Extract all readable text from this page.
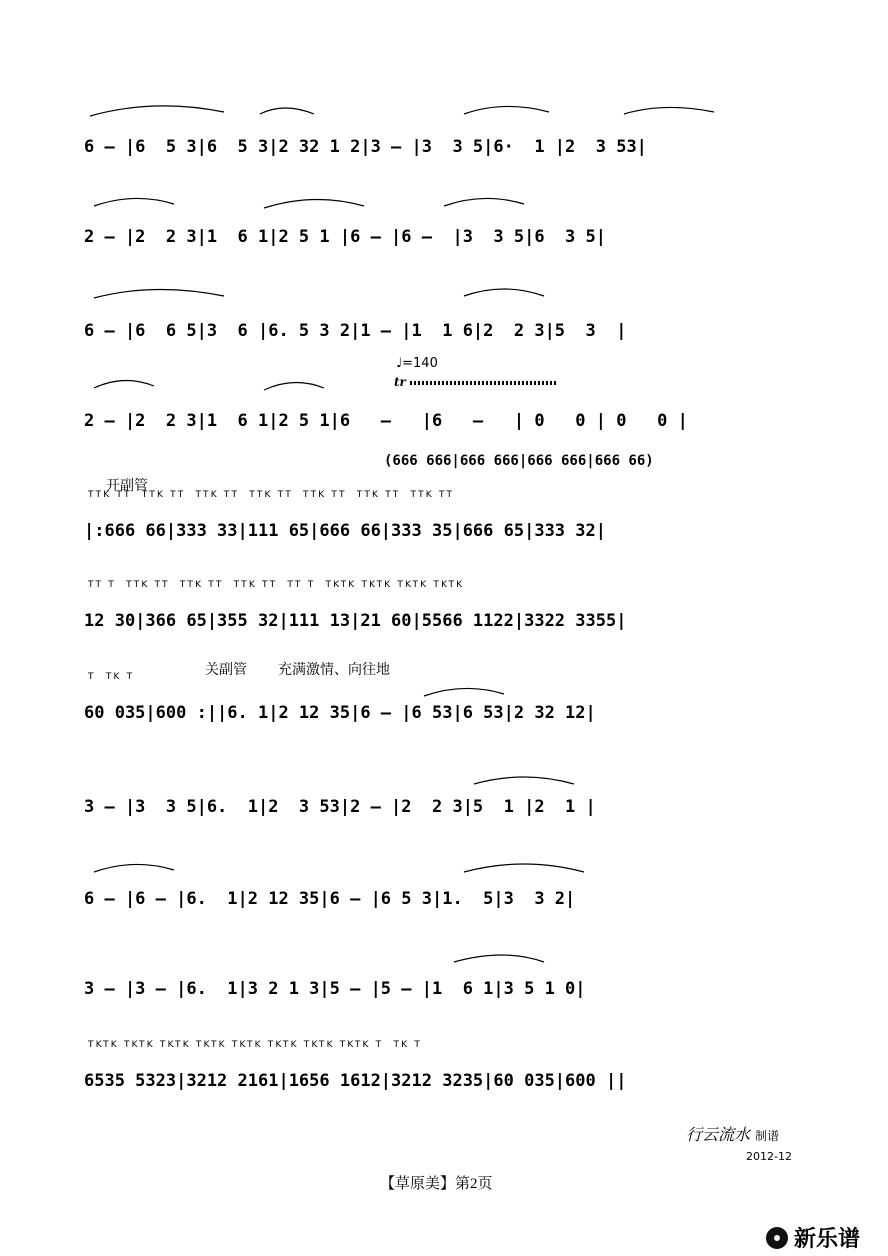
6 – |6  5 3|6  5 3|2 32 1 2|3 – |3  3 5|6·  1 |2  3 53|
2 – |2  2 3|1  6 1|2 5 1 |6 – |6 –  |3  3 5|6  3 5|
6 – |6  6 5|3  6 |6. 5 3 2|1 – |1  1 6|2  2 3|5  3  |
♩=140
tr
2 – |2  2 3|1  6 1|2 5 1|6   –   |6   –   | 0   0 | 0   0 |
(666 666|666 666|666 666|666 66)
开副管
TTK TT  TTK TT  TTK TT  TTK TT  TTK TT  TTK TT  TTK TT
|:666 66|333 33|111 65|666 66|333 35|666 65|333 32|
TT T  TTK TT  TTK TT  TTK TT  TT T  TKTK TKTK TKTK TKTK
12 30|366 65|355 32|111 13|21 60|5566 1122|3322 3355|
关副管 充满激情、向往地
T  TK T
60 035|600 :||6. 1|2 12 35|6 – |6 53|6 53|2 32 12|
3 – |3  3 5|6.  1|2  3 53|2 – |2  2 3|5  1 |2  1 |
6 – |6 – |6.  1|2 12 35|6 – |6 5 3|1.  5|3  3 2|
3 – |3 – |6.  1|3 2 1 3|5 – |5 – |1  6 1|3 5 1 0|
TKTK TKTK TKTK TKTK TKTK TKTK TKTK TKTK T  TK T
6535 5323|3212 2161|1656 1612|3212 3235|60 035|600 ||
行云流水 制谱
2012-12
【草原美】第2页
新乐谱
